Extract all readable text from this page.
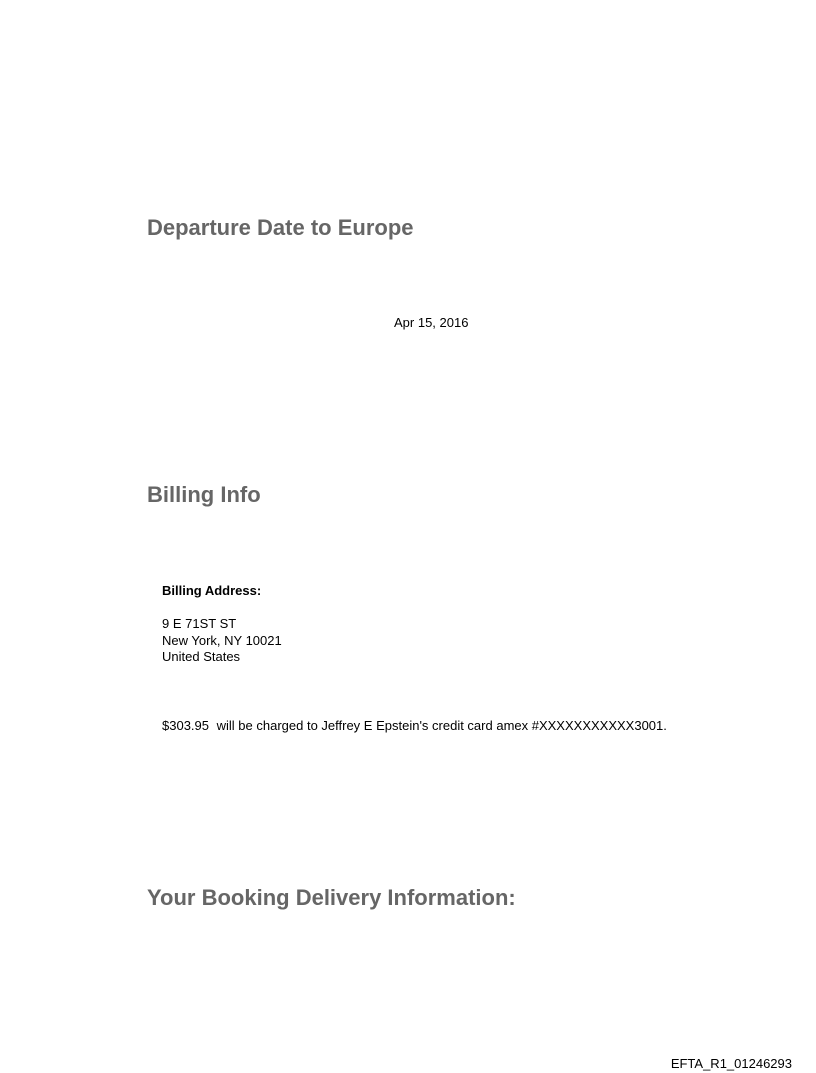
Departure Date to Europe
Apr 15, 2016
Billing Info
Billing Address:
9 E 71ST ST
New York, NY 10021
United States
$303.95 will be charged to Jeffrey E Epstein's credit card amex #XXXXXXXXXXX3001.
Your Booking Delivery Information:
EFTA_R1_01246293
